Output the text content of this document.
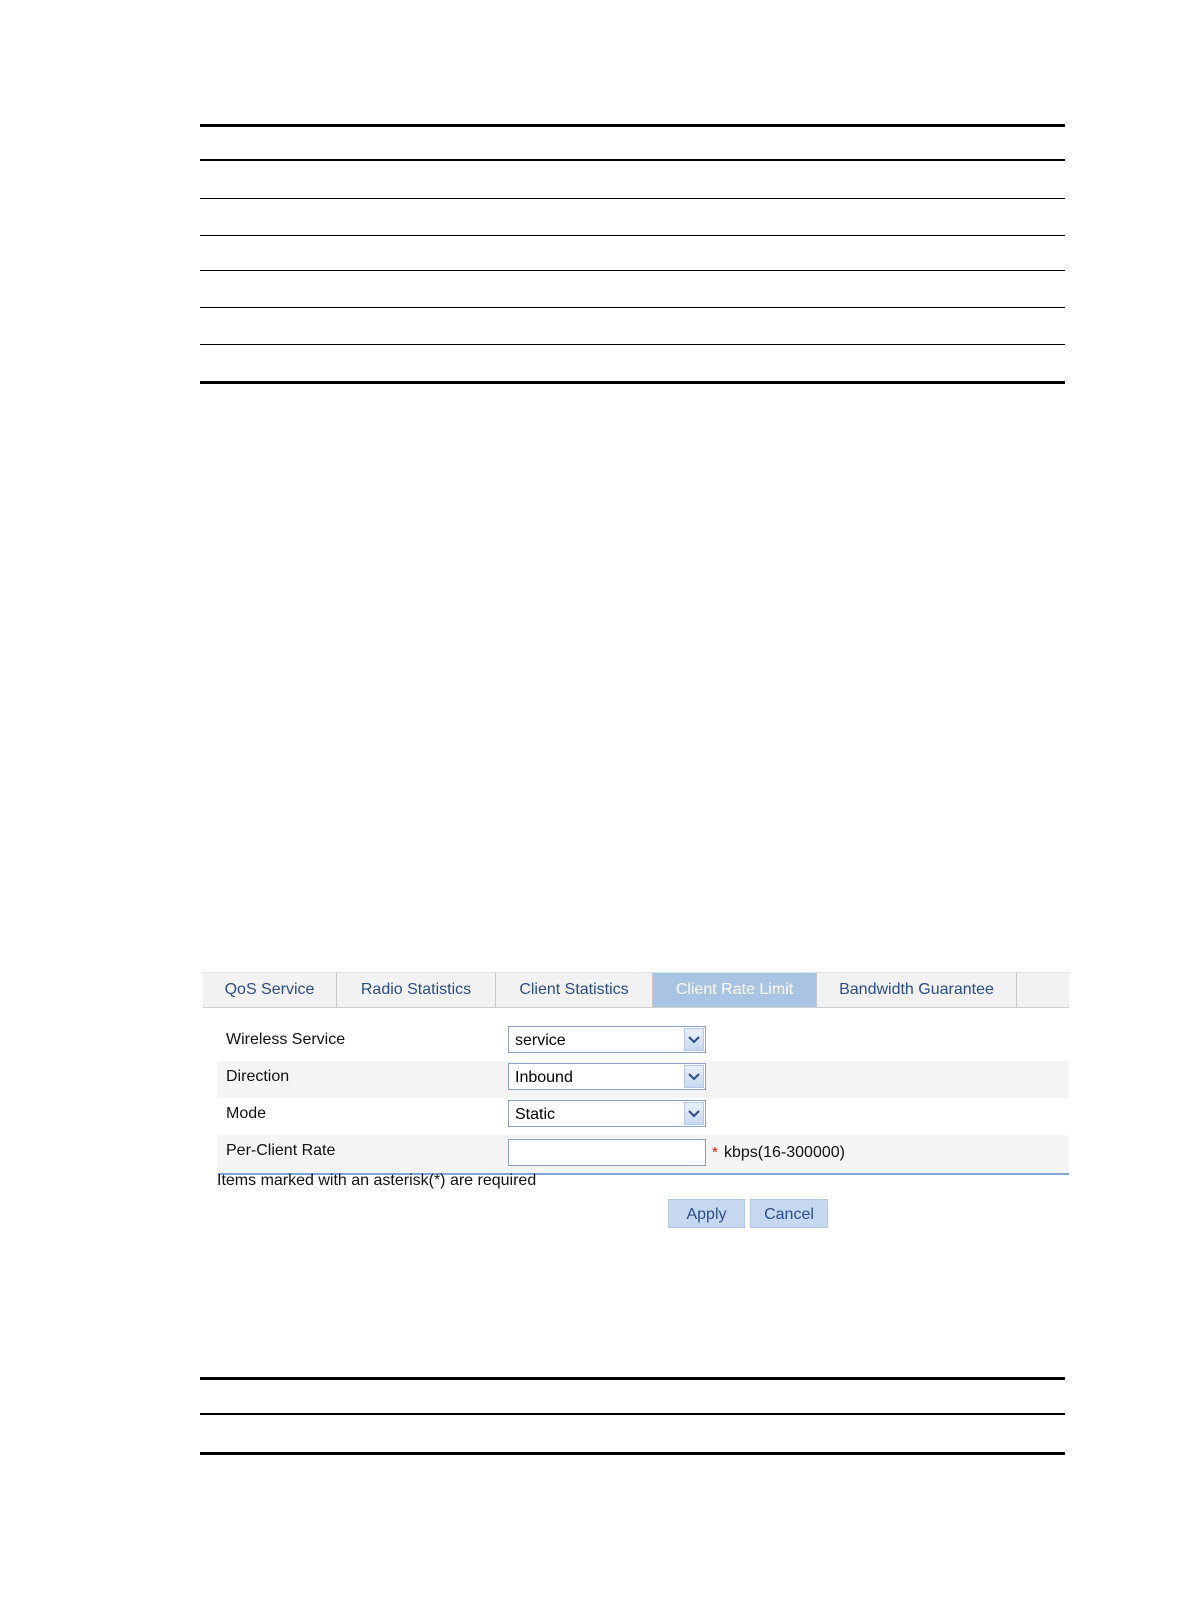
QoS Service	Radio Statistics	Client Statistics	Client Rate Limit	Bandwidth Guarantee
Wireless Service	service
Direction	Inbound
Mode	Static
Per-Client Rate	* kbps(16-300000)
Items marked with an asterisk(*) are required
Apply	Cancel
